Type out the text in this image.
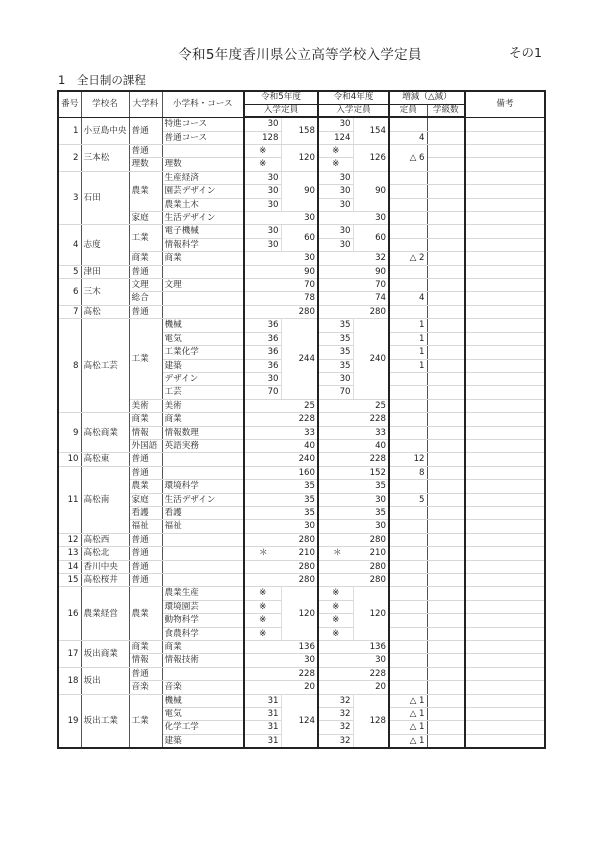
令和5年度香川県公立高等学校入学定員	その1
1　全日制の課程
番号	学校名	大学科	小学科・コース	令和5年度		令和4年度		増減（△減）		備考
				入学定員		入学定員		定員	学級数	
1	小豆島中央	普通	特進コース	30	158	30	154			
			普通コース	128		124		4		
2	三本松	普通		※	120	※	126	△ 6		
		理数	理数	※		※				
3	石田	農業	生産経済	30	90	30	90			
			園芸デザイン	30		30				
			農業土木	30		30				
		家庭	生活デザイン	30		30				
4	志度	工業	電子機械	30	60	30	60			
			情報科学	30		30				
		商業	商業	30		32		△ 2		
5	津田	普通		90		90				
6	三木	文理	文理	70		70				
		総合		78		74		4		
7	高松	普通		280		280				
8	高松工芸	工業	機械	36	244	35	240	1		
			電気	36		35		1		
			工業化学	36		35		1		
			建築	36		35		1		
			デザイン	30		30				
			工芸	70		70				
		美術	美術	25		25				
9	高松商業	商業	商業	228		228				
		情報	情報数理	33		33				
		外国語	英語実務	40		40				
10	高松東	普通		240		228		12		
11	高松南	普通		160		152		8		
		農業	環境科学	35		35				
		家庭	生活デザイン	35		30		5		
		看護	看護	35		35				
		福祉	福祉	30		30				
12	高松西	普通		280		280				
13	高松北	普通		＊ 210		＊ 210				
14	香川中央	普通		280		280				
15	高松桜井	普通		280		280				
16	農業経営	農業	農業生産	※	120	※	120			
			環境園芸	※		※				
			動物科学	※		※				
			食農科学	※		※				
17	坂出商業	商業	商業	136		136				
		情報	情報技術	30		30				
18	坂出	普通		228		228				
		音楽	音楽	20		20				
19	坂出工業	工業	機械	31	124	32	128	△ 1		
			電気	31		32		△ 1		
			化学工学	31		32		△ 1		
			建築	31		32		△ 1		
